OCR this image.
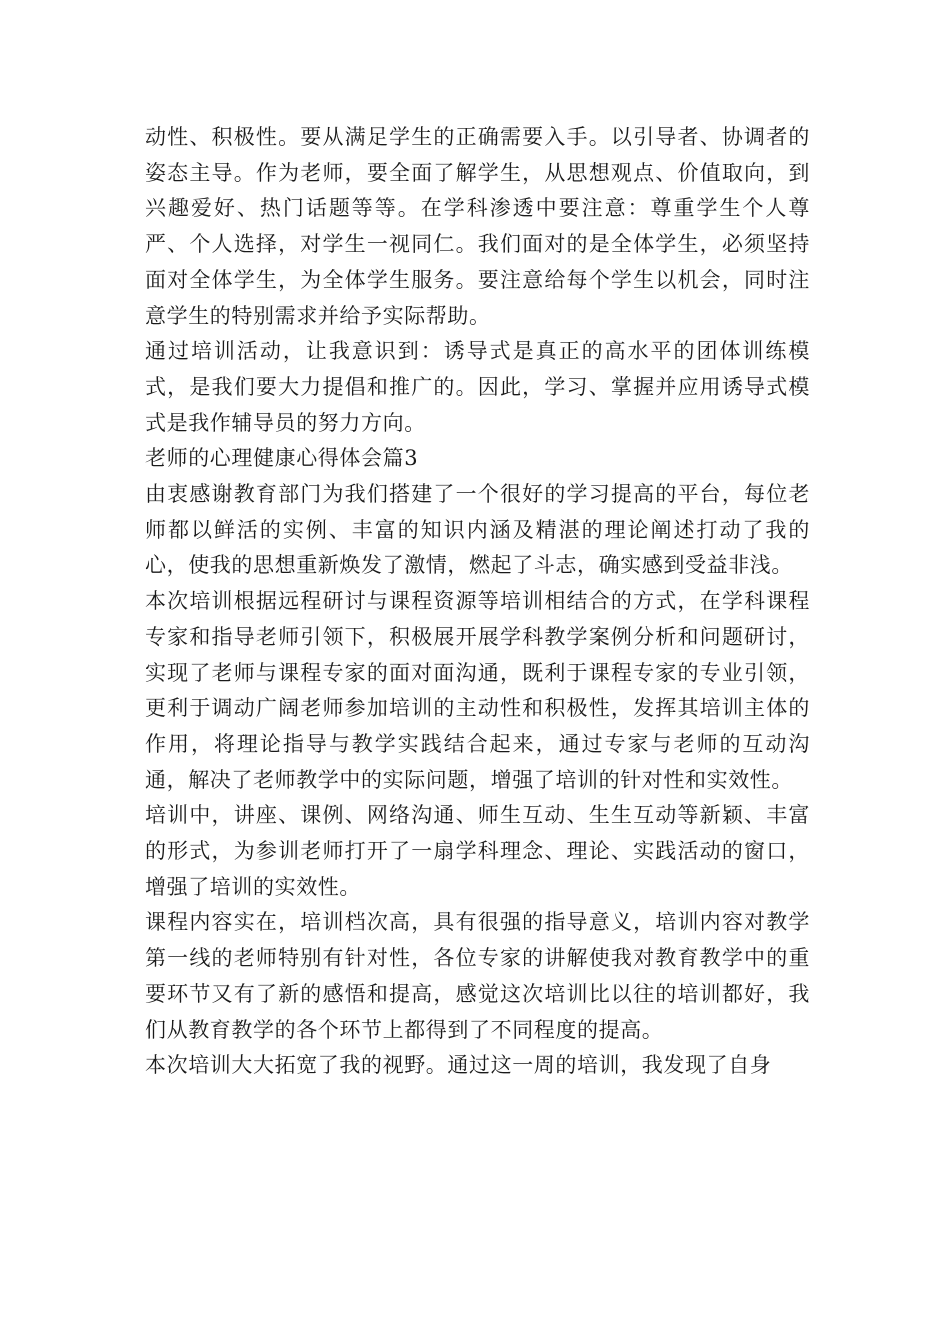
动性、积极性。要从满足学生的正确需要入手。以引导者、协调者的姿态主导。作为老师，要全面了解学生，从思想观点、价值取向，到兴趣爱好、热门话题等等。在学科渗透中要注意：尊重学生个人尊严、个人选择，对学生一视同仁。我们面对的是全体学生，必须坚持面对全体学生，为全体学生服务。要注意给每个学生以机会，同时注意学生的特别需求并给予实际帮助。

通过培训活动，让我意识到：诱导式是真正的高水平的团体训练模式，是我们要大力提倡和推广的。因此，学习、掌握并应用诱导式模式是我作辅导员的努力方向。

老师的心理健康心得体会篇3

由衷感谢教育部门为我们搭建了一个很好的学习提高的平台，每位老师都以鲜活的实例、丰富的知识内涵及精湛的理论阐述打动了我的心，使我的思想重新焕发了激情，燃起了斗志，确实感到受益非浅。

本次培训根据远程研讨与课程资源等培训相结合的方式，在学科课程专家和指导老师引领下，积极展开展学科教学案例分析和问题研讨，实现了老师与课程专家的面对面沟通，既利于课程专家的专业引领，更利于调动广阔老师参加培训的主动性和积极性，发挥其培训主体的作用，将理论指导与教学实践结合起来，通过专家与老师的互动沟通，解决了老师教学中的实际问题，增强了培训的针对性和实效性。

培训中，讲座、课例、网络沟通、师生互动、生生互动等新颖、丰富的形式，为参训老师打开了一扇学科理念、理论、实践活动的窗口，增强了培训的实效性。

课程内容实在，培训档次高，具有很强的指导意义，培训内容对教学第一线的老师特别有针对性，各位专家的讲解使我对教育教学中的重要环节又有了新的感悟和提高，感觉这次培训比以往的培训都好，我们从教育教学的各个环节上都得到了不同程度的提高。

本次培训大大拓宽了我的视野。通过这一周的培训，我发现了自身
